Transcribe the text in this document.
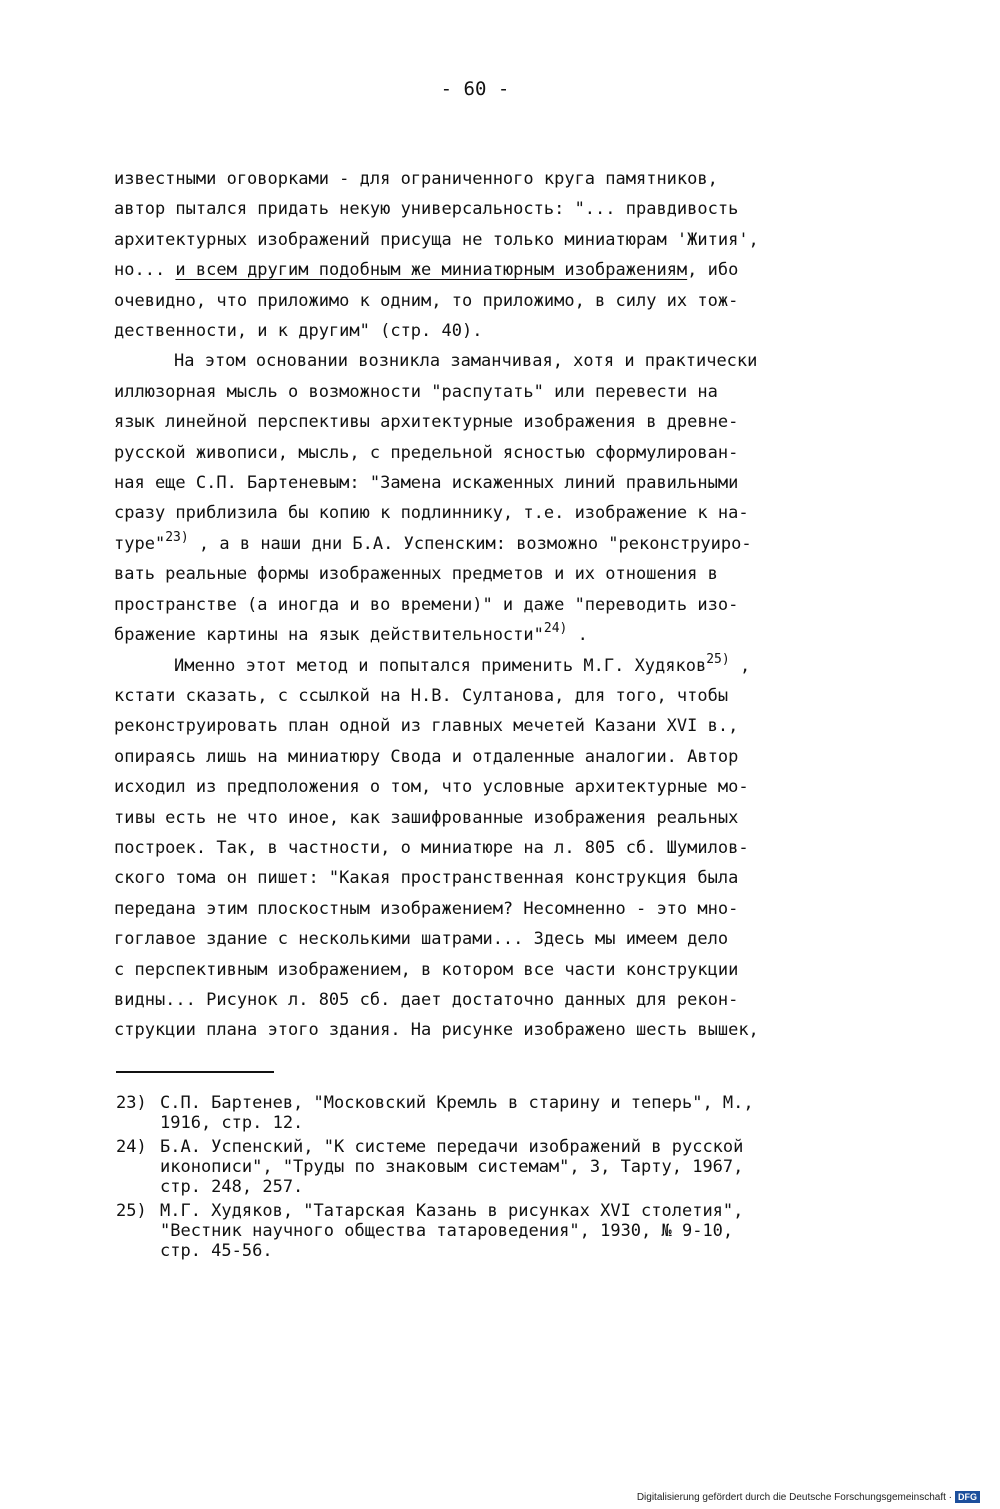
- 60 -
известными оговорками - для ограниченного круга памятников,
автор пытался придать некую универсальность: "... правдивость
архитектурных изображений присуща не только миниатюрам 'Жития',
но... и всем другим подобным же миниатюрным изображениям, ибо
очевидно, что приложимо к одним, то приложимо, в силу их тож-
дественности, и к другим" (стр. 40).
На этом основании возникла заманчивая, хотя и практически
иллюзорная мысль о возможности "распутать" или перевести на
язык линейной перспективы архитектурные изображения в древне-
русской живописи, мысль, с предельной ясностью сформулирован-
ная еще С.П. Бартеневым: "Замена искаженных линий правильными
сразу приблизила бы копию к подлиннику, т.е. изображение к на-
туре"$^{23)}$ , а в наши дни Б.А. Успенским: возможно "реконструиро-
вать реальные формы изображенных предметов и их отношения в
пространстве (а иногда и во времени)" и даже "переводить изо-
бражение картины на язык действительности"$^{24)}$ .
Именно этот метод и попытался применить М.Г. Худяков$^{25)}$ ,
кстати сказать, с ссылкой на Н.В. Султанова, для того, чтобы
реконструировать план одной из главных мечетей Казани XVI в.,
опираясь лишь на миниатюру Свода и отдаленные аналогии. Автор
исходил из предположения о том, что условные архитектурные мо-
тивы есть не что иное, как зашифрованные изображения реальных
построек. Так, в частности, о миниатюре на л. 805 сб. Шумилов-
ского тома он пишет: "Какая пространственная конструкция была
передана этим плоскостным изображением? Несомненно - это мно-
гоглавое здание с несколькими шатрами... Здесь мы имеем дело
с перспективным изображением, в котором все части конструкции
видны... Рисунок л. 805 сб. дает достаточно данных для рекон-
струкции плана этого здания. На рисунке изображено шесть вышек,
23) С.П. Бартенев, "Московский Кремль в старину и теперь", М.,
1916, стр. 12.
24) Б.А. Успенский, "К системе передачи изображений в русской
иконописи", "Труды по знаковым системам", 3, Тарту, 1967,
стр. 248, 257.
25) М.Г. Худяков, "Татарская Казань в рисунках XVI столетия",
"Вестник научного общества татароведения", 1930, № 9-10,
стр. 45-56.
Digitalisierung gefördert durch die Deutsche Forschungsgemeinschaft · DFG
